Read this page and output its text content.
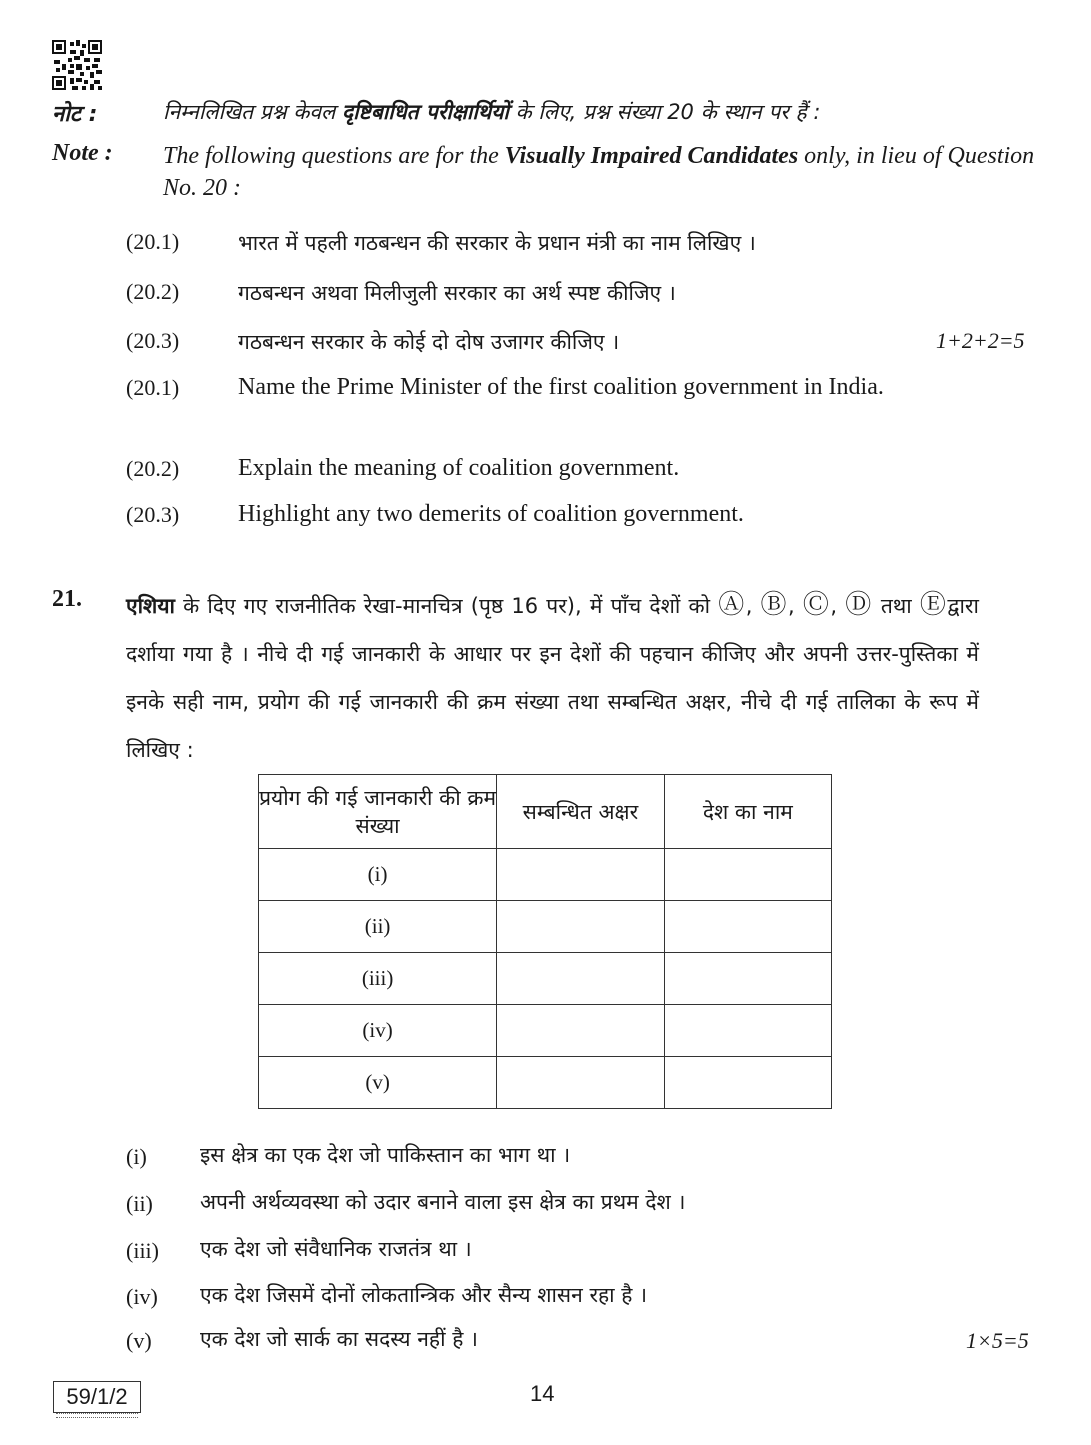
नोट :	निम्नलिखित प्रश्न केवल दृष्टिबाधित परीक्षार्थियों के लिए, प्रश्न संख्या 20 के स्थान पर हैं :
Note : The following questions are for the Visually Impaired Candidates only, in lieu of Question No. 20 :
(20.1)	भारत में पहली गठबन्धन की सरकार के प्रधान मंत्री का नाम लिखिए ।
(20.2)	गठबन्धन अथवा मिलीजुली सरकार का अर्थ स्पष्ट कीजिए ।
(20.3)	गठबन्धन सरकार के कोई दो दोष उजागर कीजिए ।	1+2+2=5
(20.1) Name the Prime Minister of the first coalition government in India.
(20.2) Explain the meaning of coalition government.
(20.3) Highlight any two demerits of coalition government.
21. एशिया के दिए गए राजनीतिक रेखा-मानचित्र (पृष्ठ 16 पर), में पाँच देशों को Ⓐ, Ⓑ, Ⓒ, Ⓓ तथा Ⓔद्वारा दर्शाया गया है । नीचे दी गई जानकारी के आधार पर इन देशों की पहचान कीजिए और अपनी उत्तर-पुस्तिका में इनके सही नाम, प्रयोग की गई जानकारी की क्रम संख्या तथा सम्बन्धित अक्षर, नीचे दी गई तालिका के रूप में लिखिए :
प्रयोग की गई जानकारी की क्रम संख्या	सम्बन्धित अक्षर	देश का नाम
(i)		
(ii)		
(iii)		
(iv)		
(v)		
(i)	इस क्षेत्र का एक देश जो पाकिस्तान का भाग था ।
(ii) अपनी अर्थव्यवस्था को उदार बनाने वाला इस क्षेत्र का प्रथम देश ।
(iii) एक देश जो संवैधानिक राजतंत्र था ।
(iv) एक देश जिसमें दोनों लोकतान्त्रिक और सैन्य शासन रहा है ।
(v) एक देश जो सार्क का सदस्य नहीं है ।	1×5=5
59/1/2	14
